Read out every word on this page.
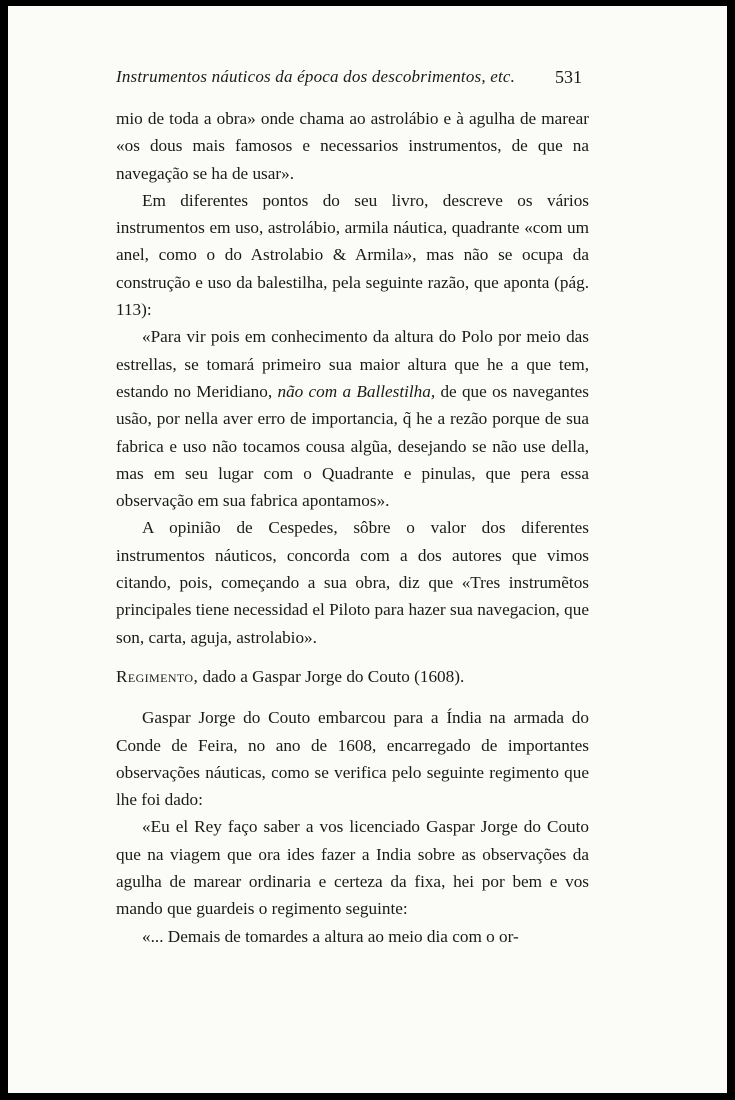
Instrumentos náuticos da época dos descobrimentos, etc. 531

mio de toda a obra» onde chama ao astrolábio e à agulha de marear «os dous mais famosos e necessarios instrumentos, de que na navegação se ha de usar».

Em diferentes pontos do seu livro, descreve os vários instrumentos em uso, astrolábio, armila náutica, quadrante «com um anel, como o do Astrolabio & Armila», mas não se ocupa da construção e uso da balestilha, pela seguinte razão, que aponta (pág. 113):

«Para vir pois em conhecimento da altura do Polo por meio das estrellas, se tomará primeiro sua maior altura que he a que tem, estando no Meridiano, não com a Ballestilha, de que os navegantes usão, por nella aver erro de importancia, q̃ he a rezão porque de sua fabrica e uso não tocamos cousa algũa, desejando se não use della, mas em seu lugar com o Quadrante e pinulas, que pera essa observação em sua fabrica apontamos».

A opinião de Cespedes, sôbre o valor dos diferentes instrumentos náuticos, concorda com a dos autores que vimos citando, pois, começando a sua obra, diz que «Tres instrumẽtos principales tiene necessidad el Piloto para hazer sua navegacion, que son, carta, aguja, astrolabio».

Regimento, dado a Gaspar Jorge do Couto (1608).

Gaspar Jorge do Couto embarcou para a Índia na armada do Conde de Feira, no ano de 1608, encarregado de importantes observações náuticas, como se verifica pelo seguinte regimento que lhe foi dado:

«Eu el Rey faço saber a vos licenciado Gaspar Jorge do Couto que na viagem que ora ides fazer a India sobre as observações da agulha de marear ordinaria e certeza da fixa, hei por bem e vos mando que guardeis o regimento seguinte:

«... Demais de tomardes a altura ao meio dia com o or-
